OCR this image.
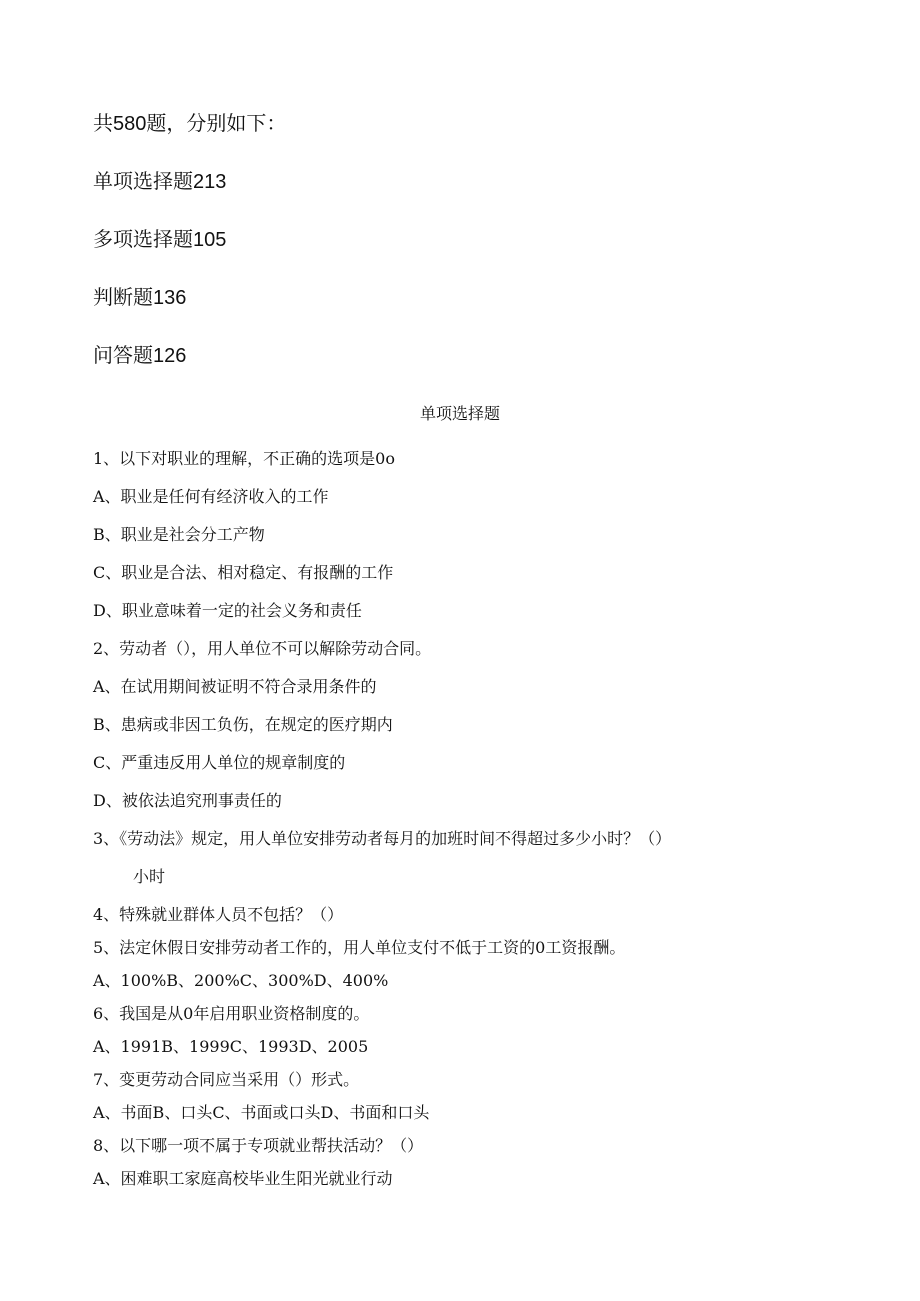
共580题，分别如下：
单项选择题213
多项选择题105
判断题136
问答题126
单项选择题
1、以下对职业的理解，不正确的选项是0o
A、职业是任何有经济收入的工作
B、职业是社会分工产物
C、职业是合法、相对稳定、有报酬的工作
D、职业意味着一定的社会义务和责任
2、劳动者（），用人单位不可以解除劳动合同。
A、在试用期间被证明不符合录用条件的
B、患病或非因工负伤，在规定的医疗期内
C、严重违反用人单位的规章制度的
D、被依法追究刑事责任的
3、《劳动法》规定，用人单位安排劳动者每月的加班时间不得超过多少小时？（）
小时
4、特殊就业群体人员不包括？（）
5、法定休假日安排劳动者工作的，用人单位支付不低于工资的0工资报酬。
A、100%B、200%C、300%D、400%
6、我国是从0年启用职业资格制度的。
A、1991B、1999C、1993D、2005
7、变更劳动合同应当采用（）形式。
A、书面B、口头C、书面或口头D、书面和口头
8、以下哪一项不属于专项就业帮扶活动？（）
A、困难职工家庭高校毕业生阳光就业行动
